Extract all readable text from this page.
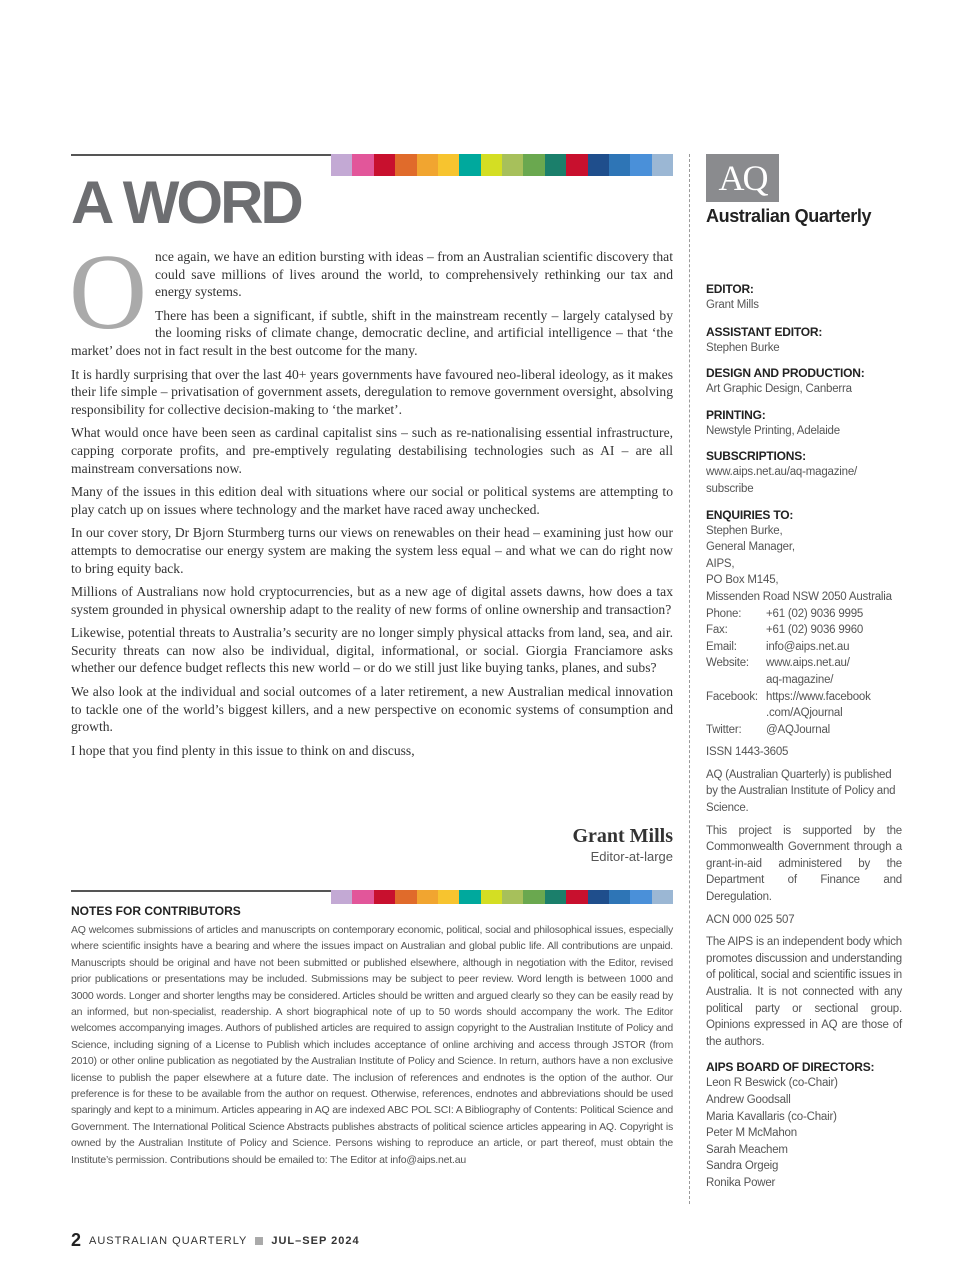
A WORD

Once again, we have an edition bursting with ideas – from an Australian scientific discovery that could save millions of lives around the world, to comprehensively rethinking our tax and energy systems.

There has been a significant, if subtle, shift in the mainstream recently – largely catalysed by the looming risks of climate change, democratic decline, and artificial intelligence – that ‘the market’ does not in fact result in the best outcome for the many.

It is hardly surprising that over the last 40+ years governments have favoured neo-liberal ideology, as it makes their life simple – privatisation of government assets, deregulation to remove government oversight, absolving responsibility for collective decision-making to ‘the market’.

What would once have been seen as cardinal capitalist sins – such as re-nationalising essential infrastructure, capping corporate profits, and pre-emptively regulating destabilising technologies such as AI – are all mainstream conversations now.

Many of the issues in this edition deal with situations where our social or political systems are attempting to play catch up on issues where technology and the market have raced away unchecked.

In our cover story, Dr Bjorn Sturmberg turns our views on renewables on their head – examining just how our attempts to democratise our energy system are making the system less equal – and what we can do right now to bring equity back.

Millions of Australians now hold cryptocurrencies, but as a new age of digital assets dawns, how does a tax system grounded in physical ownership adapt to the reality of new forms of online ownership and transaction?

Likewise, potential threats to Australia’s security are no longer simply physical attacks from land, sea, and air. Security threats can now also be individual, digital, informational, or social. Giorgia Franciamore asks whether our defence budget reflects this new world – or do we still just like buying tanks, planes, and subs?

We also look at the individual and social outcomes of a later retirement, a new Australian medical innovation to tackle one of the world’s biggest killers, and a new perspective on economic systems of consumption and growth.

I hope that you find plenty in this issue to think on and discuss,

Grant Mills
Editor-at-large
NOTES FOR CONTRIBUTORS
AQ welcomes submissions of articles and manuscripts on contemporary economic, political, social and philosophical issues, especially where scientific insights have a bearing and where the issues impact on Australian and global public life. All contributions are unpaid. Manuscripts should be original and have not been submitted or published elsewhere, although in negotiation with the Editor, revised prior publications or presentations may be included. Submissions may be subject to peer review. Word length is between 1000 and 3000 words. Longer and shorter lengths may be considered. Articles should be written and argued clearly so they can be easily read by an informed, but non-specialist, readership. A short biographical note of up to 50 words should accompany the work. The Editor welcomes accompanying images. Authors of published articles are required to assign copyright to the Australian Institute of Policy and Science, including signing of a License to Publish which includes acceptance of online archiving and access through JSTOR (from 2010) or other online publication as negotiated by the Australian Institute of Policy and Science. In return, authors have a non exclusive license to publish the paper elsewhere at a future date. The inclusion of references and endnotes is the option of the author. Our preference is for these to be available from the author on request. Otherwise, references, endnotes and abbreviations should be used sparingly and kept to a minimum. Articles appearing in AQ are indexed ABC POL SCI: A Bibliography of Contents: Political Science and Government. The International Political Science Abstracts publishes abstracts of political science articles appearing in AQ. Copyright is owned by the Australian Institute of Policy and Science. Persons wishing to reproduce an article, or part thereof, must obtain the Institute’s permission. Contributions should be emailed to: The Editor at info@aips.net.au
AQ
Australian Quarterly
EDITOR:
Grant Mills
ASSISTANT EDITOR:
Stephen Burke
DESIGN AND PRODUCTION:
Art Graphic Design, Canberra
PRINTING:
Newstyle Printing, Adelaide
SUBSCRIPTIONS:
www.aips.net.au/aq-magazine/
subscribe
ENQUIRIES TO:
Stephen Burke,
General Manager,
AIPS,
PO Box M145,
Missenden Road NSW 2050 Australia
Phone:	+61 (02) 9036 9995
Fax:	+61 (02) 9036 9960
Email:	info@aips.net.au
Website:	www.aips.net.au/
aq-magazine/
Facebook: https://www.facebook
.com/AQjournal
Twitter:	@AQJournal
ISSN 1443-3605
AQ (Australian Quarterly) is published by the Australian Institute of Policy and Science.
This project is supported by the Commonwealth Government through a grant-in-aid administered by the Department of Finance and Deregulation.
ACN 000 025 507
The AIPS is an independent body which promotes discussion and understanding of political, social and scientific issues in Australia. It is not connected with any political party or sectional group. Opinions expressed in AQ are those of the authors.
AIPS BOARD OF DIRECTORS:
Leon R Beswick (co-Chair)
Andrew Goodsall
Maria Kavallaris (co-Chair)
Peter M McMahon
Sarah Meachem
Sandra Orgeig
Ronika Power
2 AUSTRALIAN QUARTERLY JUL–SEP 2024
